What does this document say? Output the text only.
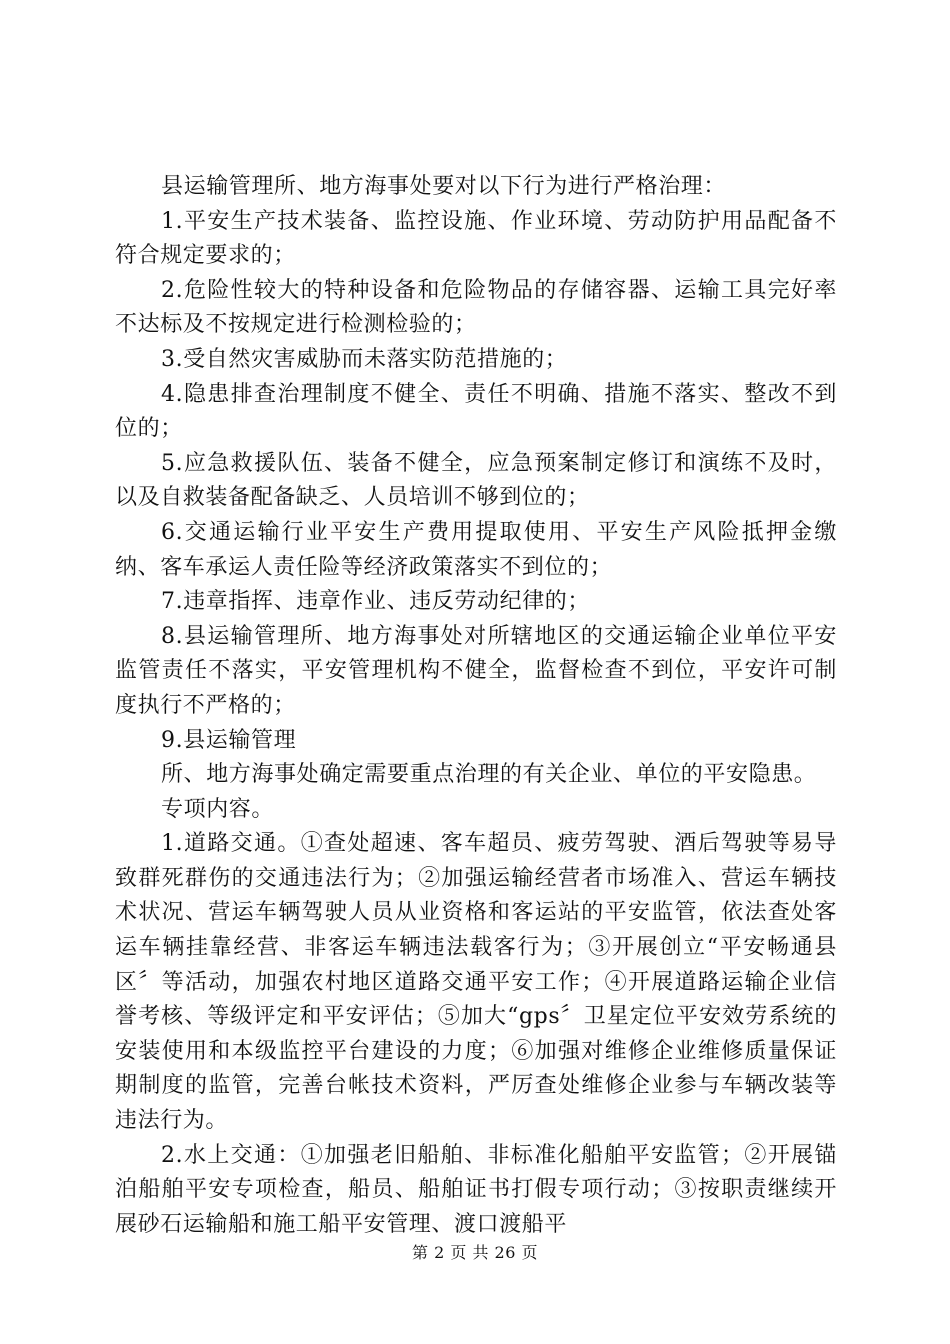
县运输管理所、地方海事处要对以下行为进行严格治理：

1.平安生产技术装备、监控设施、作业环境、劳动防护用品配备不符合规定要求的；

2.危险性较大的特种设备和危险物品的存储容器、运输工具完好率不达标及不按规定进行检测检验的；

3.受自然灾害威胁而未落实防范措施的；

4.隐患排查治理制度不健全、责任不明确、措施不落实、整改不到位的；

5.应急救援队伍、装备不健全，应急预案制定修订和演练不及时，以及自救装备配备缺乏、人员培训不够到位的；

6.交通运输行业平安生产费用提取使用、平安生产风险抵押金缴纳、客车承运人责任险等经济政策落实不到位的；

7.违章指挥、违章作业、违反劳动纪律的；

8.县运输管理所、地方海事处对所辖地区的交通运输企业单位平安监管责任不落实，平安管理机构不健全，监督检查不到位，平安许可制度执行不严格的；

9.县运输管理

所、地方海事处确定需要重点治理的有关企业、单位的平安隐患。

专项内容。

1.道路交通。①查处超速、客车超员、疲劳驾驶、酒后驾驶等易导致群死群伤的交通违法行为；②加强运输经营者市场准入、营运车辆技术状况、营运车辆驾驶人员从业资格和客运站的平安监管，依法查处客运车辆挂靠经营、非客运车辆违法载客行为；③开展创立“平安畅通县区〞等活动，加强农村地区道路交通平安工作；④开展道路运输企业信誉考核、等级评定和平安评估；⑤加大“gps〞卫星定位平安效劳系统的安装使用和本级监控平台建设的力度；⑥加强对维修企业维修质量保证期制度的监管，完善台帐技术资料，严厉查处维修企业参与车辆改装等违法行为。

2.水上交通：①加强老旧船舶、非标准化船舶平安监管；②开展锚泊船舶平安专项检查，船员、船舶证书打假专项行动；③按职责继续开展砂石运输船和施工船平安管理、渡口渡船平

第 2 页 共 26 页
